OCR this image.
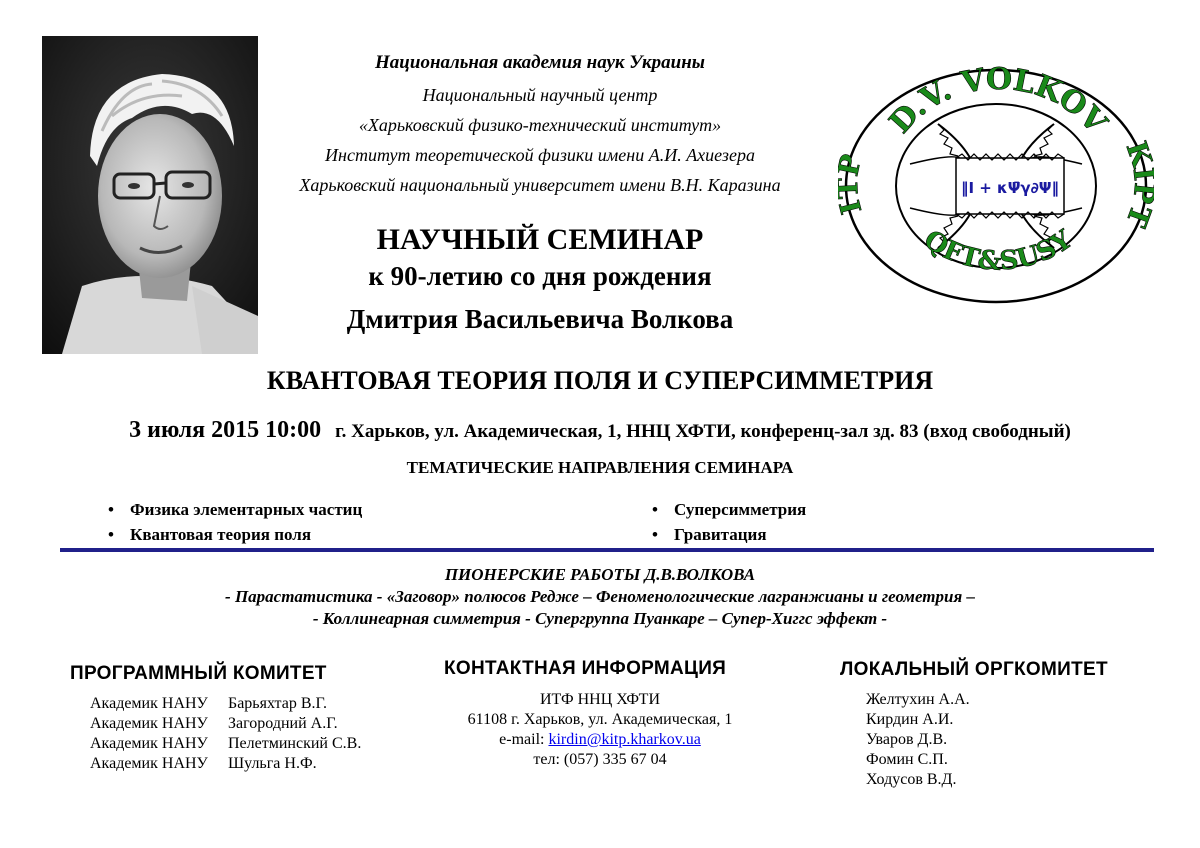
Национальная академия наук Украины
Национальный научный центр
«Харьковский физико-технический институт»
Институт теоретической физики имени А.И. Ахиезера
Харьковский национальный университет имени В.Н. Каразина
НАУЧНЫЙ СЕМИНАР
к 90-летию со дня рождения
Дмитрия Васильевича Волкова
‖I + κΨ̄γ∂Ψ‖
D.V. VOLKOV
QFT&SUSY
T
КВАНТОВАЯ ТЕОРИЯ ПОЛЯ И СУПЕРСИММЕТРИЯ
3 июля 2015 10:00 г. Харьков, ул. Академическая, 1, ННЦ ХФТИ, конференц-зал зд. 83 (вход свободный)
ТЕМАТИЧЕСКИЕ НАПРАВЛЕНИЯ СЕМИНАРА
• Физика элементарных частиц
• Квантовая теория поля
• Суперсимметрия
• Гравитация
ПИОНЕРСКИЕ РАБОТЫ Д.В.ВОЛКОВА
- Парастатистика - «Заговор» полюсов Редже – Феноменологические лагранжианы и геометрия –
- Коллинеарная симметрия - Супергруппа Пуанкаре – Супер-Хиггс эффект -
ПРОГРАММНЫЙ КОМИТЕТ	КОНТАКТНАЯ ИНФОРМАЦИЯ	ЛОКАЛЬНЫЙ ОРГКОМИТЕТ
Академик НАНУ Барьяхтар В.Г.
Академик НАНУ Загородний А.Г.
Академик НАНУ Пелетминский С.В.
Академик НАНУ Шульга Н.Ф.
ИТФ ННЦ ХФТИ
61108 г. Харьков, ул. Академическая, 1
e-mail: kirdin@kitp.kharkov.ua
тел: (057) 335 67 04
Желтухин А.А.
Кирдин А.И.
Уваров Д.В.
Фомин С.П.
Ходусов В.Д.
